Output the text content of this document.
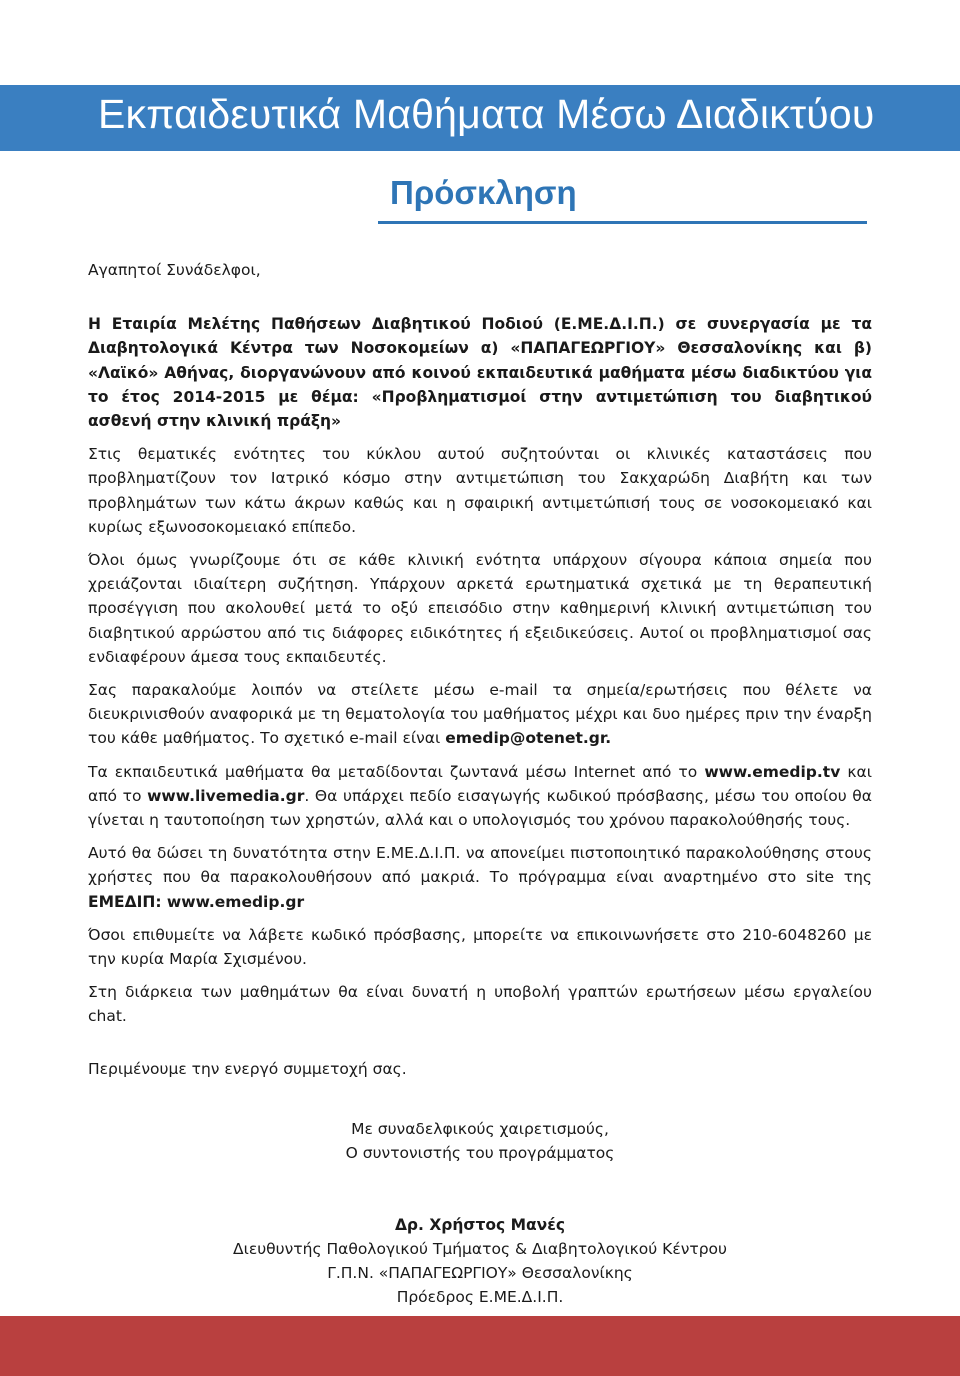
Εκπαιδευτικά Μαθήματα Μέσω Διαδικτύου
Πρόσκληση

Αγαπητοί Συνάδελφοι,

Η Εταιρία Μελέτης Παθήσεων Διαβητικού Ποδιού (Ε.ΜΕ.Δ.Ι.Π.) σε συνεργασία με τα Διαβητολογικά Κέντρα των Νοσοκομείων α) «ΠΑΠΑΓΕΩΡΓΙΟΥ» Θεσσαλονίκης και β) «Λαϊκό» Αθήνας, διοργανώνουν από κοινού εκπαιδευτικά μαθήματα μέσω διαδικτύου για το έτος 2014-2015 με θέμα: «Προβληματισμοί στην αντιμετώπιση του διαβητικού ασθενή στην κλινική πράξη»

Στις θεματικές ενότητες του κύκλου αυτού συζητούνται οι κλινικές καταστάσεις που προβληματίζουν τον Ιατρικό κόσμο στην αντιμετώπιση του Σακχαρώδη Διαβήτη και των προβλημάτων των κάτω άκρων καθώς και η σφαιρική αντιμετώπισή τους σε νοσοκομειακό και κυρίως εξωνοσοκομειακό επίπεδο.

Όλοι όμως γνωρίζουμε ότι σε κάθε κλινική ενότητα υπάρχουν σίγουρα κάποια σημεία που χρειάζονται ιδιαίτερη συζήτηση. Υπάρχουν αρκετά ερωτηματικά σχετικά με τη θεραπευτική προσέγγιση που ακολουθεί μετά το οξύ επεισόδιο στην καθημερινή κλινική αντιμετώπιση του διαβητικού αρρώστου από τις διάφορες ειδικότητες ή εξειδικεύσεις. Αυτοί οι προβληματισμοί σας ενδιαφέρουν άμεσα τους εκπαιδευτές.

Σας παρακαλούμε λοιπόν να στείλετε μέσω e-mail τα σημεία/ερωτήσεις που θέλετε να διευκρινισθούν αναφορικά με τη θεματολογία του μαθήματος μέχρι και δυο ημέρες πριν την έναρξη του κάθε μαθήματος. Το σχετικό e-mail είναι emedip@otenet.gr.

Τα εκπαιδευτικά μαθήματα θα μεταδίδονται ζωντανά μέσω Internet από το www.emedip.tv και από το www.livemedia.gr. Θα υπάρχει πεδίο εισαγωγής κωδικού πρόσβασης, μέσω του οποίου θα γίνεται η ταυτοποίηση των χρηστών, αλλά και ο υπολογισμός του χρόνου παρακολούθησής τους.

Αυτό θα δώσει τη δυνατότητα στην Ε.ΜΕ.Δ.Ι.Π. να απονείμει πιστοποιητικό παρακολούθησης στους χρήστες που θα παρακολουθήσουν από μακριά. Το πρόγραμμα είναι αναρτημένο στο site της ΕΜΕΔΙΠ: www.emedip.gr

Όσοι επιθυμείτε να λάβετε κωδικό πρόσβασης, μπορείτε να επικοινωνήσετε στο 210-6048260 με την κυρία Μαρία Σχισμένου.

Στη διάρκεια των μαθημάτων θα είναι δυνατή η υποβολή γραπτών ερωτήσεων μέσω εργαλείου chat.

Περιμένουμε την ενεργό συμμετοχή σας.

Με συναδελφικούς χαιρετισμούς,
Ο συντονιστής του προγράμματος
Δρ. Χρήστος Μανές
Διευθυντής Παθολογικού Τμήματος & Διαβητολογικού Κέντρου
Γ.Π.Ν. «ΠΑΠΑΓΕΩΡΓΙΟΥ» Θεσσαλονίκης
Πρόεδρος Ε.ΜΕ.Δ.Ι.Π.
